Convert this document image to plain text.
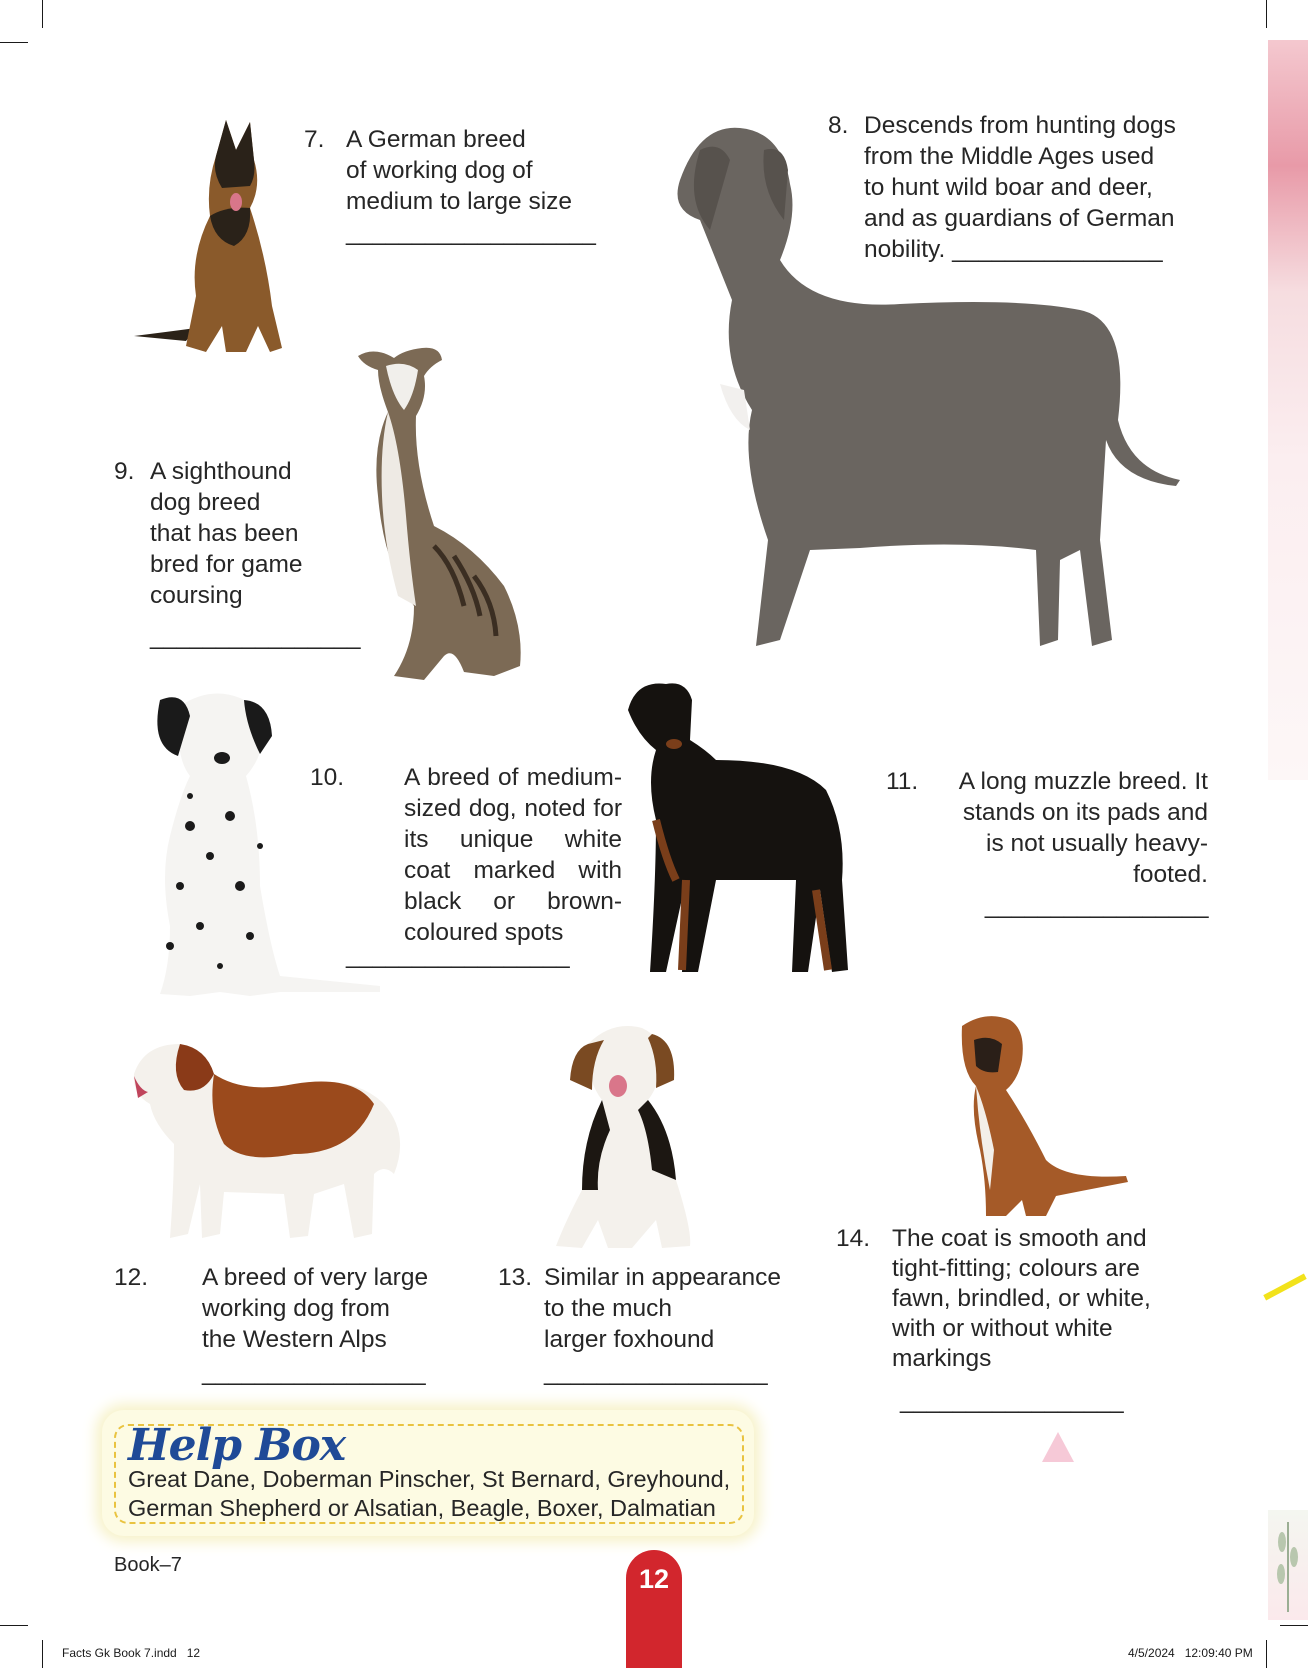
7. A German breed
of working dog of
medium to large size
___________________
8. Descends from hunting dogs
from the Middle Ages used
to hunt wild boar and deer,
and as guardians of German
nobility. ________________
9. A sighthound
dog breed
that has been
bred for game
coursing
________________
10. A breed of medium-sized dog, noted for its unique white coat marked with black or brown-coloured spots
_________________
11.	A long muzzle breed. It
stands on its pads and
is not usually heavy-
footed.
_________________
12. A breed of very large
working dog from
the Western Alps
_________________
13. Similar in appearance
to the much
larger foxhound
_________________
14. The coat is smooth and
tight-fitting; colours are
fawn, brindled, or white,
with or without white
markings
_________________
Help Box
Great Dane, Doberman Pinscher, St Bernard, Greyhound,
German Shepherd or Alsatian, Beagle, Boxer, Dalmatian
Book–7	12
Facts Gk Book 7.indd   12	4/5/2024   12:09:40 PM
